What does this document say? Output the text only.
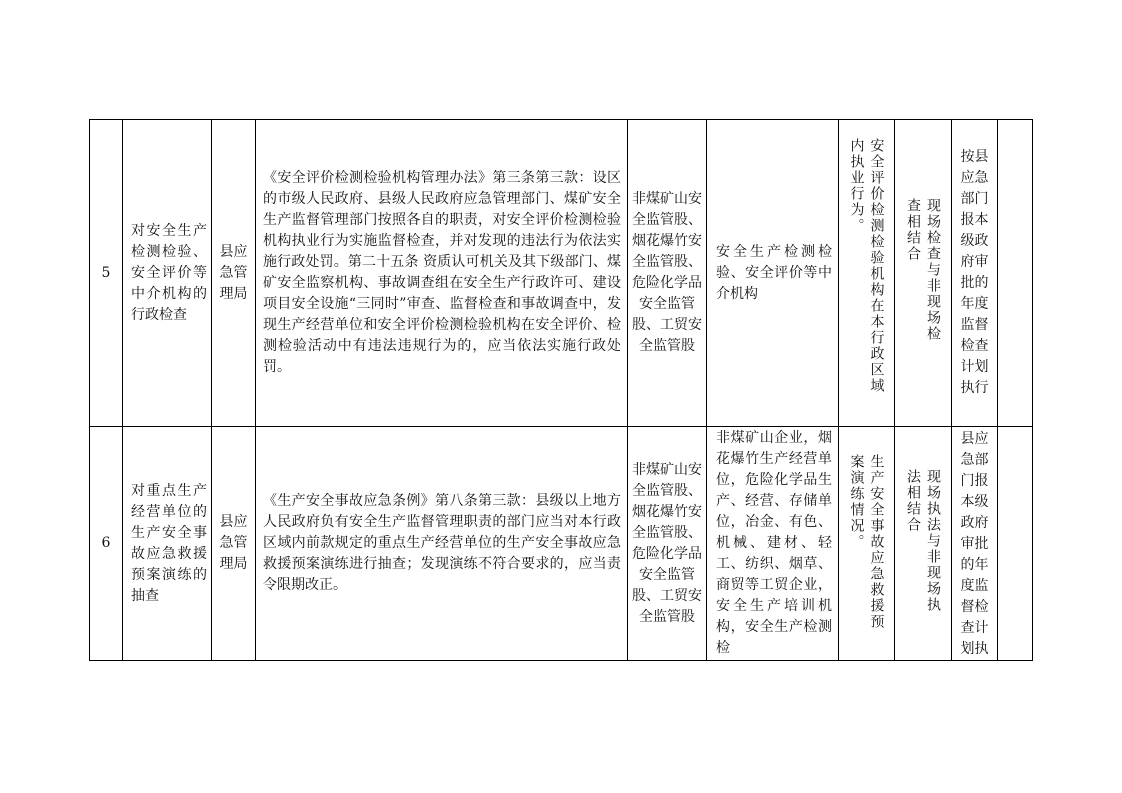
5	对安全生产检测检验、安全评价等中介机构的行政检查	县应急管理局	《安全评价检测检验机构管理办法》第三条第三款：设区的市级人民政府、县级人民政府应急管理部门、煤矿安全生产监督管理部门按照各自的职责，对安全评价检测检验机构执业行为实施监督检查，并对发现的违法行为依法实施行政处罚。第二十五条 资质认可机关及其下级部门、煤矿安全监察机构、事故调查组在安全生产行政许可、建设项目安全设施“三同时”审查、监督检查和事故调查中，发现生产经营单位和安全评价检测检验机构在安全评价、检测检验活动中有违法违规行为的，应当依法实施行政处罚。	非煤矿山安全监管股、烟花爆竹安全监管股、危险化学品安全监管股、工贸安全监管股	安全生产检测检验、安全评价等中介机构	安全评价检测检验机构在本行政区域内执业行为。	现场检查与非现场检查相结合	按县应急部门报本级政府审批的年度监督检查计划执行	
6	对重点生产经营单位的生产安全事故应急救援预案演练的抽查	县应急管理局	《生产安全事故应急条例》第八条第三款：县级以上地方人民政府负有安全生产监督管理职责的部门应当对本行政区域内前款规定的重点生产经营单位的生产安全事故应急救援预案演练进行抽查；发现演练不符合要求的，应当责令限期改正。	非煤矿山安全监管股、烟花爆竹安全监管股、危险化学品安全监管股、工贸安全监管股	非煤矿山企业，烟花爆竹生产经营单位，危险化学品生产、经营、存储单位，冶金、有色、机械、建材、轻工、纺织、烟草、商贸等工贸企业，安全生产培训机构，安全生产检测检	生产安全事故应急救援预案演练情况。	现场执法与非现场执法相结合	县应急部门报本级政府审批的年度监督检查计划执	
